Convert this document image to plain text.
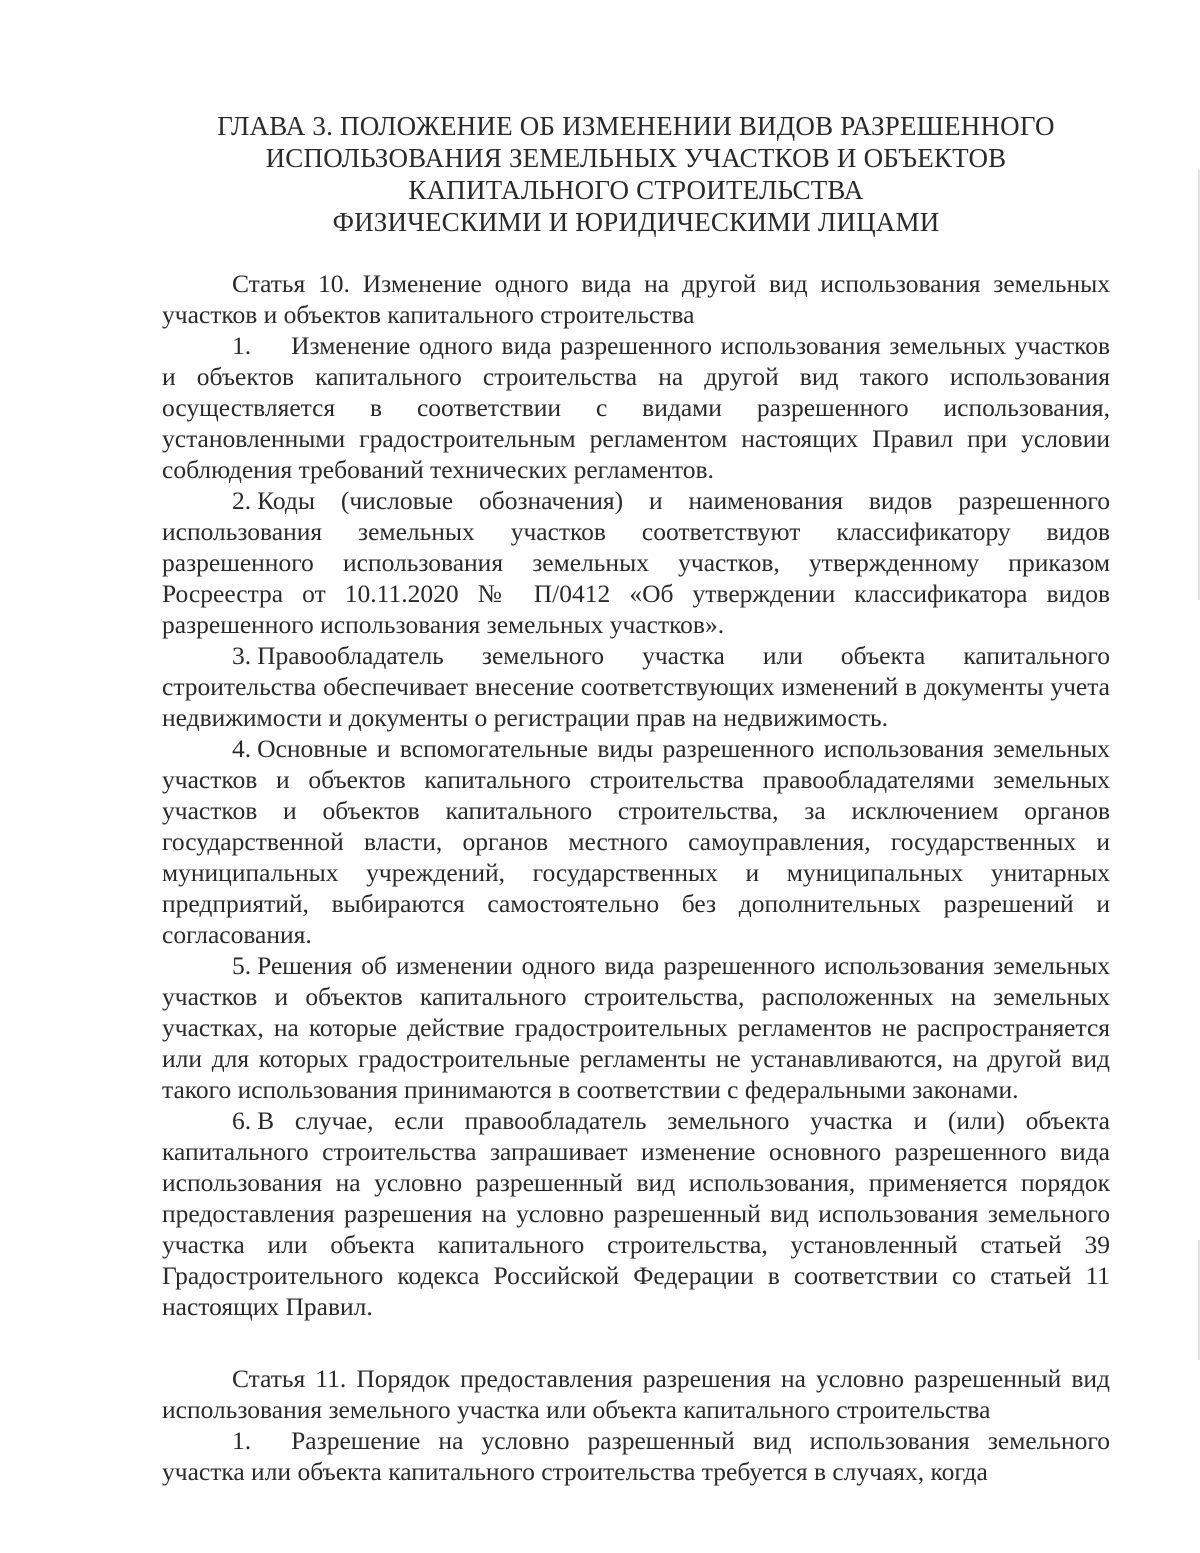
ГЛАВА 3. ПОЛОЖЕНИЕ ОБ ИЗМЕНЕНИИ ВИДОВ РАЗРЕШЕННОГО
ИСПОЛЬЗОВАНИЯ ЗЕМЕЛЬНЫХ УЧАСТКОВ И ОБЪЕКТОВ
КАПИТАЛЬНОГО СТРОИТЕЛЬСТВА
ФИЗИЧЕСКИМИ И ЮРИДИЧЕСКИМИ ЛИЦАМИ

Статья 10. Изменение одного вида на другой вид использования земельных участков и объектов капитального строительства

1. Изменение одного вида разрешенного использования земельных участков и объектов капитального строительства на другой вид такого использования осуществляется в соответствии с видами разрешенного использования, установленными градостроительным регламентом настоящих Правил при условии соблюдения требований технических регламентов.

2. Коды (числовые обозначения) и наименования видов разрешенного использования земельных участков соответствуют классификатору видов разрешенного использования земельных участков, утвержденному приказом Росреестра от 10.11.2020 № П/0412 «Об утверждении классификатора видов разрешенного использования земельных участков».

3. Правообладатель земельного участка или объекта капитального строительства обеспечивает внесение соответствующих изменений в документы учета недвижимости и документы о регистрации прав на недвижимость.

4. Основные и вспомогательные виды разрешенного использования земельных участков и объектов капитального строительства правообладателями земельных участков и объектов капитального строительства, за исключением органов государственной власти, органов местного самоуправления, государственных и муниципальных учреждений, государственных и муниципальных унитарных предприятий, выбираются самостоятельно без дополнительных разрешений и согласования.

5. Решения об изменении одного вида разрешенного использования земельных участков и объектов капитального строительства, расположенных на земельных участках, на которые действие градостроительных регламентов не распространяется или для которых градостроительные регламенты не устанавливаются, на другой вид такого использования принимаются в соответствии с федеральными законами.

6. В случае, если правообладатель земельного участка и (или) объекта капитального строительства запрашивает изменение основного разрешенного вида использования на условно разрешенный вид использования, применяется порядок предоставления разрешения на условно разрешенный вид использования земельного участка или объекта капитального строительства, установленный статьей 39 Градостроительного кодекса Российской Федерации в соответствии со статьей 11 настоящих Правил.

Статья 11. Порядок предоставления разрешения на условно разрешенный вид использования земельного участка или объекта капитального строительства

1. Разрешение на условно разрешенный вид использования земельного участка или объекта капитального строительства требуется в случаях, когда
